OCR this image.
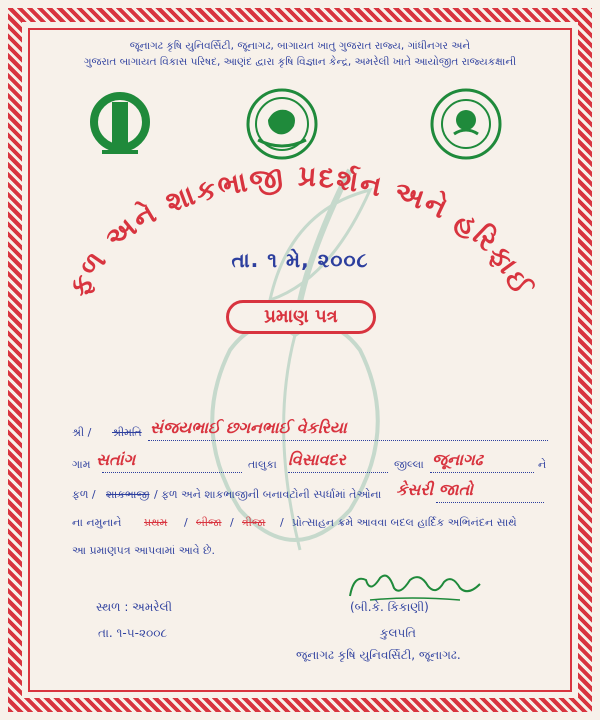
જૂનાગઢ કૃષિ યુનિવર્સિટી, જૂનાગઢ, બાગાયત ખાતુ ગુજરાત રાજ્ય, ગાંધીનગર અને
ગુજરાત બાગાયત વિકાસ પરિષદ, આણંદ દ્વારા કૃષિ વિજ્ઞાન કેન્દ્ર, અમરેલી ખાતે આયોજીત રાજ્યકક્ષાની
ફળ અને શાકભાજી પ્રદર્શન અને હરિફાઈ
તા. ૧ મે, ૨૦૦૮
પ્રમાણ પત્ર
શ્રી / શ્રીમતિ સંજયભાઈ છગનભાઈ વેકરિયા
ગામ	તાલુકા	જીલ્લા	ને
સતાંગ	વિસાવદર	જૂનાગઢ
ફળ / શાકભાજી / ફળ અને શાકભાજીની બનાવટોની સ્પર્ધામાં તેઓના કેસરી જાતો
ના નમુનાને પ્રથમ / બીજા / ત્રીજા / પ્રોત્સાહન ક્રમે આવવા બદલ હાર્દિક અભિનંદન સાથે
આ પ્રમાણપત્ર આપવામાં આવે છે.
સ્થળ : અમરેલી
તા. ૧-૫-૨૦૦૮
(બી.કે. કિકાણી)
કુલપતિ
જૂનાગઢ કૃષિ યુનિવર્સિટી, જૂનાગઢ.
